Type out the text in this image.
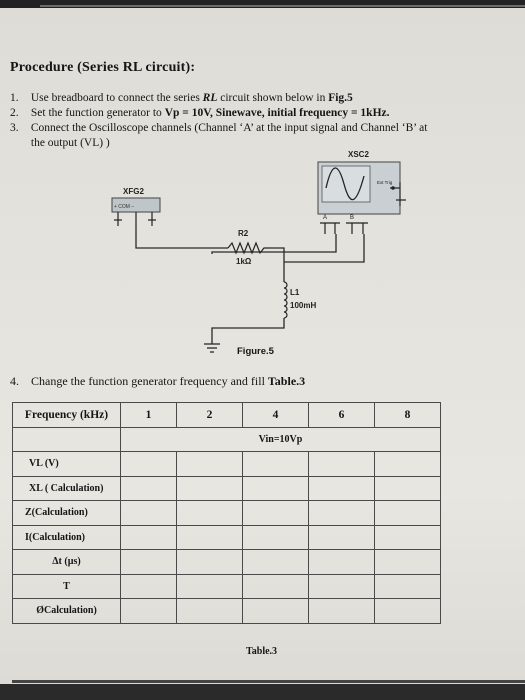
Procedure (Series RL circuit):
1. Use breadboard to connect the series RL circuit shown below in Fig.5
2. Set the function generator to Vp = 10V, Sinewave, initial frequency = 1kHz.
3. Connect the Oscilloscope channels (Channel ‘A’ at the input signal and Channel ‘B’ at
the output (VL) )
XSC2
Ext Trig
A	B
XFG2
+ COM −
R2
1kΩ
L1
100mH
Figure.5
4. Change the function generator frequency and fill Table.3
Frequency (kHz)	1	2	4	6	8
	Vin=10Vp				
VL (V)					
XL ( Calculation)					
Z(Calculation)					
I(Calculation)					
Δt (µs)					
T					
ØCalculation)					
Table.3
